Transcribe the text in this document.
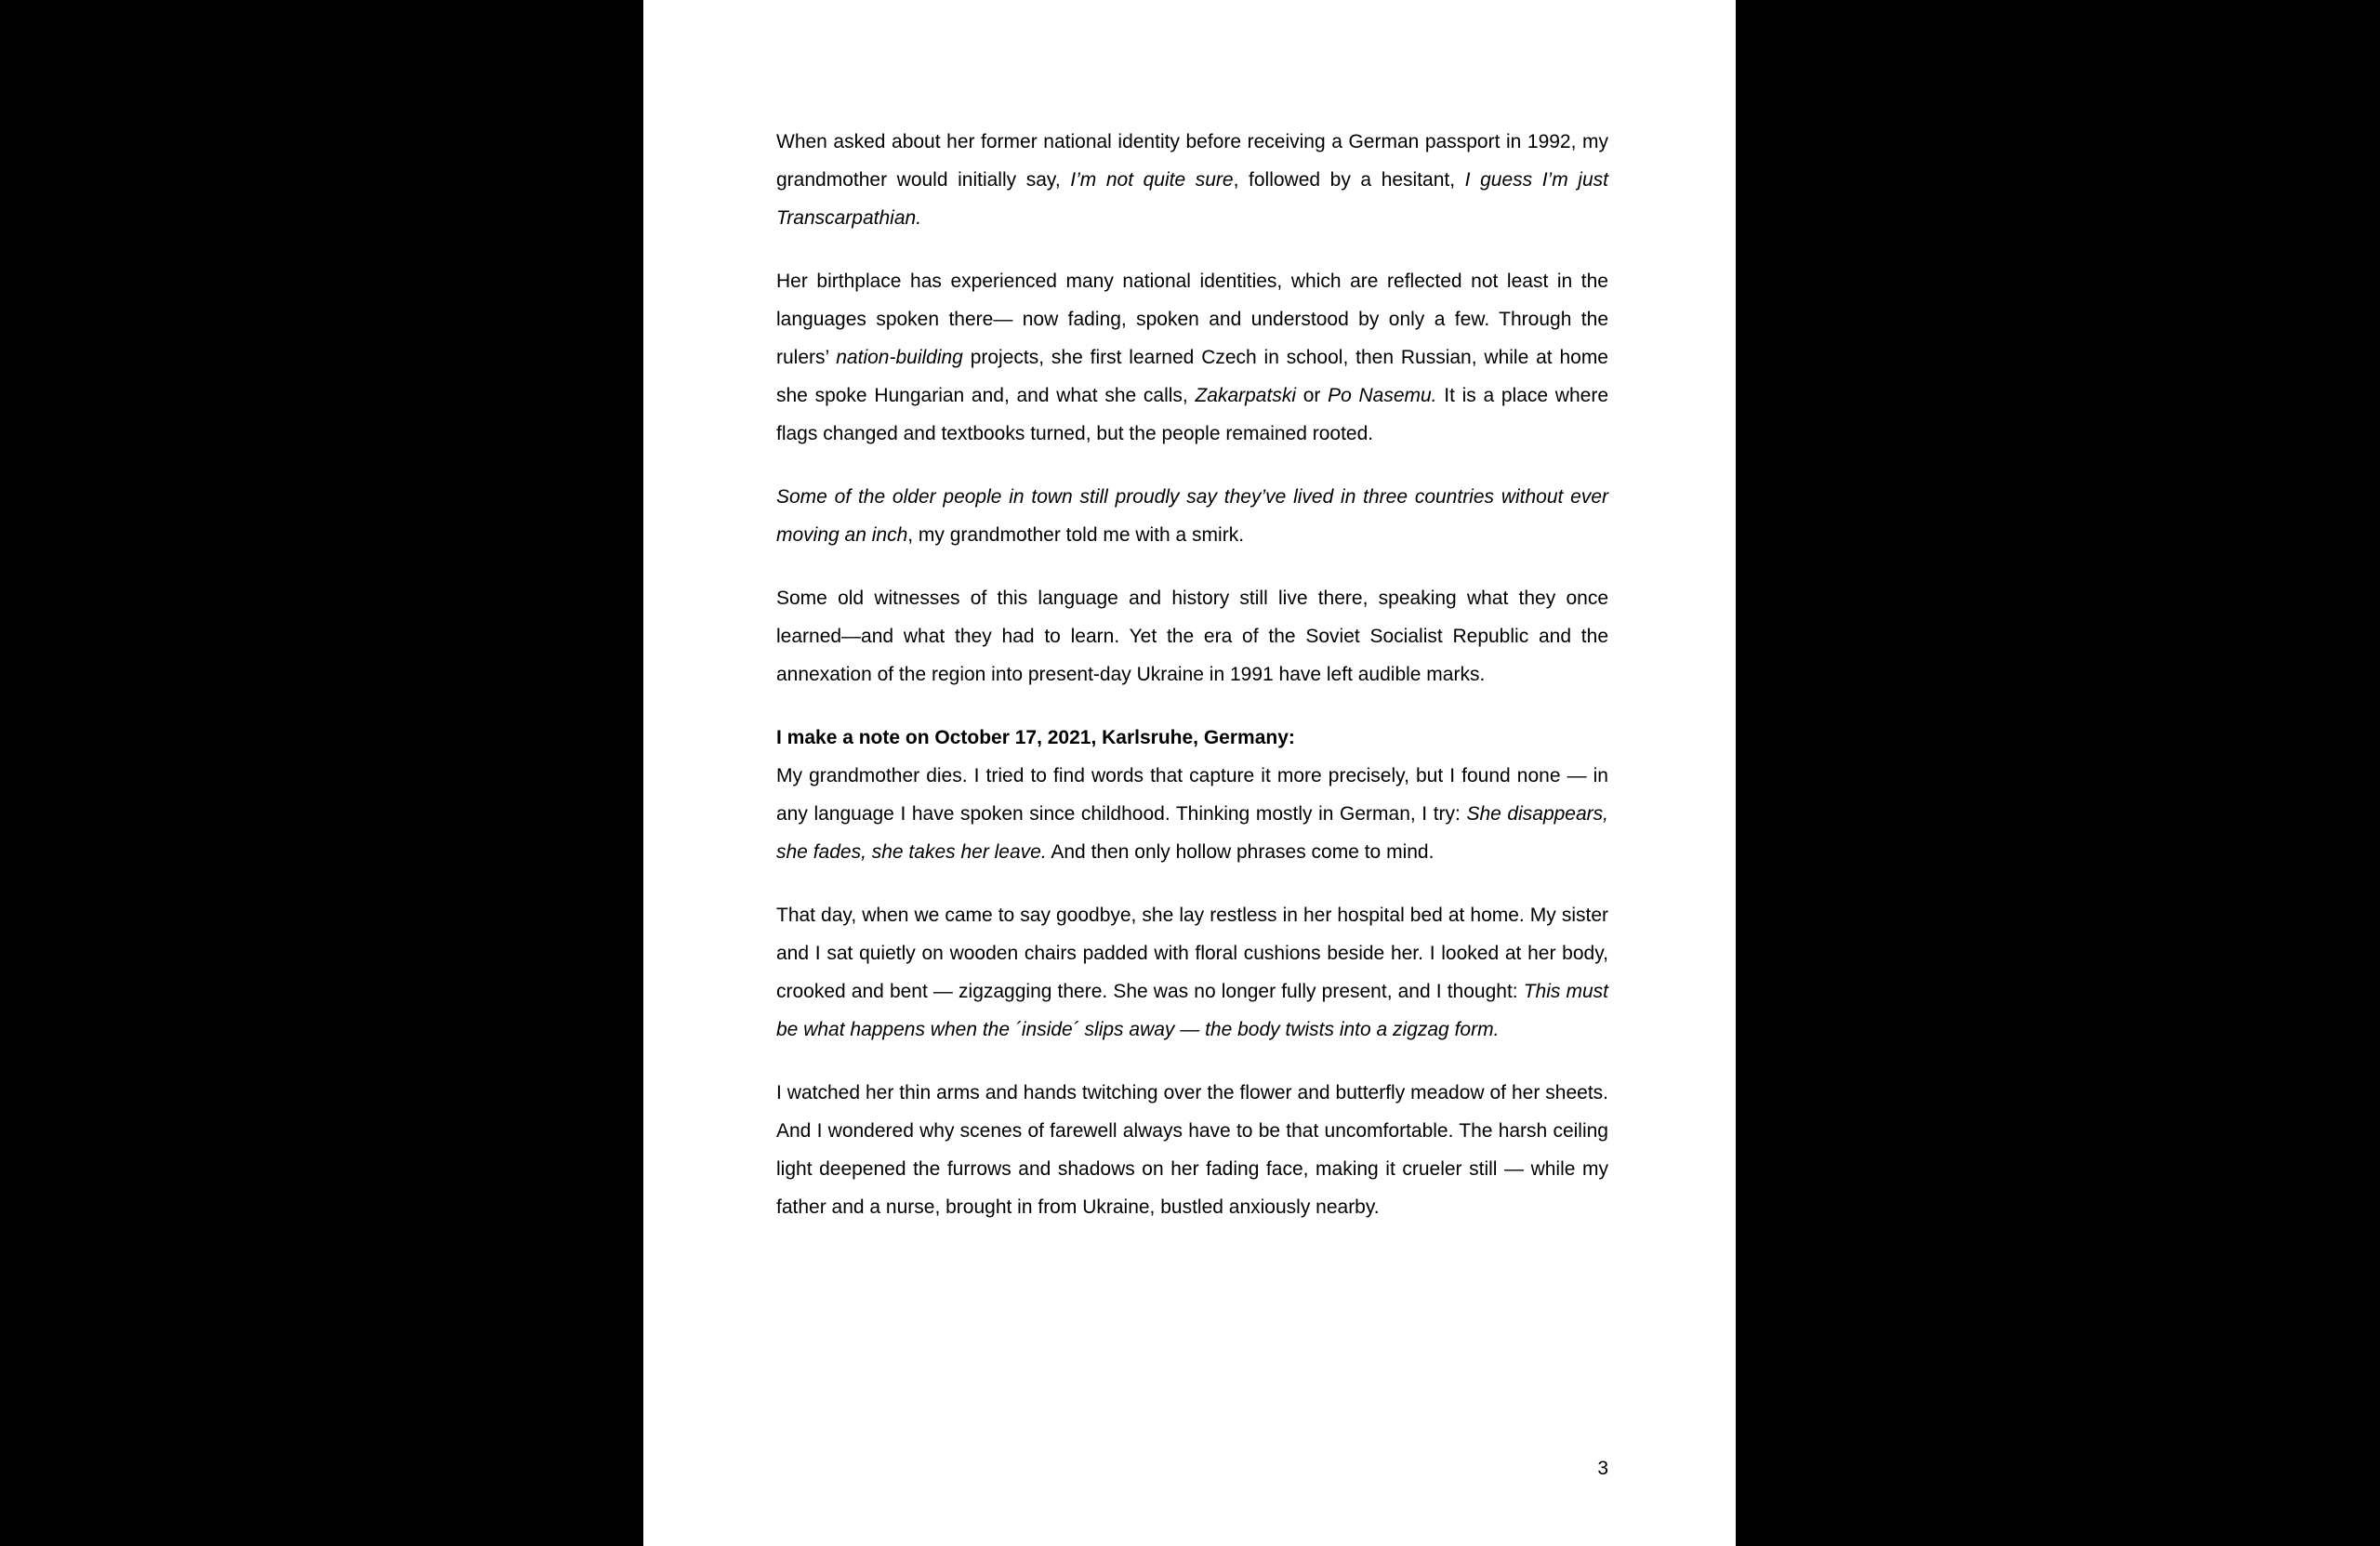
When asked about her former national identity before receiving a German passport in 1992, my grandmother would initially say, I’m not quite sure, followed by a hesitant, I guess I’m just Transcarpathian.

Her birthplace has experienced many national identities, which are reflected not least in the languages spoken there— now fading, spoken and understood by only a few. Through the rulers’ nation-building projects, she first learned Czech in school, then Russian, while at home she spoke Hungarian and, and what she calls, Zakarpatski or Po Nasemu. It is a place where flags changed and textbooks turned, but the people remained rooted.

Some of the older people in town still proudly say they’ve lived in three countries without ever moving an inch, my grandmother told me with a smirk.

Some old witnesses of this language and history still live there, speaking what they once learned—and what they had to learn. Yet the era of the Soviet Socialist Republic and the annexation of the region into present-day Ukraine in 1991 have left audible marks.

I make a note on October 17, 2021, Karlsruhe, Germany:

My grandmother dies. I tried to find words that capture it more precisely, but I found none — in any language I have spoken since childhood. Thinking mostly in German, I try: She disappears, she fades, she takes her leave. And then only hollow phrases come to mind.

That day, when we came to say goodbye, she lay restless in her hospital bed at home. My sister and I sat quietly on wooden chairs padded with floral cushions beside her. I looked at her body, crooked and bent — zigzagging there. She was no longer fully present, and I thought: This must be what happens when the ´inside´ slips away — the body twists into a zigzag form.

I watched her thin arms and hands twitching over the flower and butterfly meadow of her sheets. And I wondered why scenes of farewell always have to be that uncomfortable. The harsh ceiling light deepened the furrows and shadows on her fading face, making it crueler still — while my father and a nurse, brought in from Ukraine, bustled anxiously nearby.

3
